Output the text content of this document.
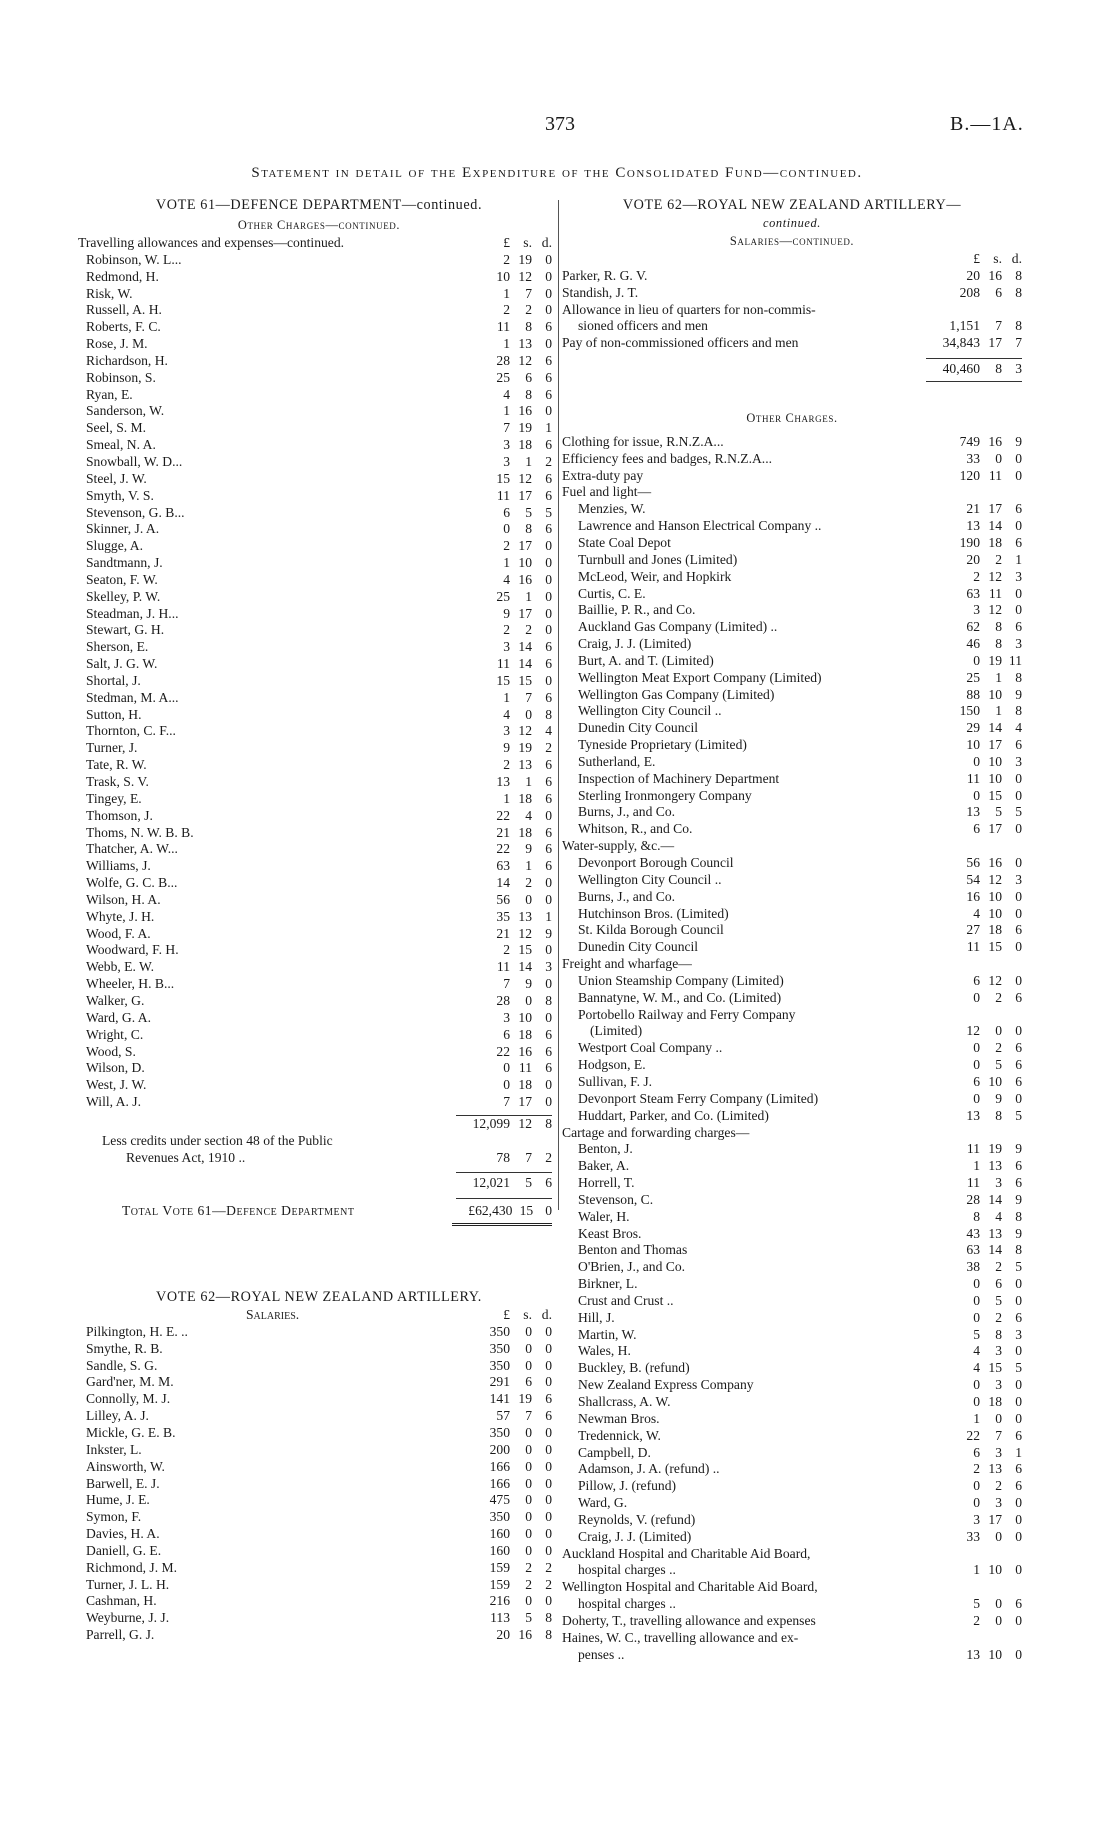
373	B.—1A.
Statement in detail of the Expenditure of the Consolidated Fund—continued.
VOTE 61—DEFENCE DEPARTMENT—continued.
Other Charges—continued.
Travelling allowances and expenses—continued.	£ s. d.
Robinson, W. L...	2 19 0
Redmond, H.	10 12 0
Risk, W.	1	7 0
Russell, A. H.	2	2 0
Roberts, F. C.	11	8 6
Rose, J. M.	1 13 0
Richardson, H.	28 12 6
Robinson, S.	25	6 6
Ryan, E.	4	8 6
Sanderson, W.	1 16 0
Seel, S. M.	7 19 1
Smeal, N. A.	3 18 6
Snowball, W. D...	3	1 2
Steel, J. W.	15 12 6
Smyth, V. S.	11 17 6
Stevenson, G. B...	6	5 5
Skinner, J. A.	0	8 6
Slugge, A.	2 17 0
Sandtmann, J.	1 10 0
Seaton, F. W.	4 16 0
Skelley, P. W.	25	1 0
Steadman, J. H...	9 17 0
Stewart, G. H.	2	2 0
Sherson, E.	3 14 6
Salt, J. G. W.	11 14 6
Shortal, J.	15 15 0
Stedman, M. A...	1	7 6
Sutton, H.	4	0 8
Thornton, C. F...	3 12 4
Turner, J.	9 19 2
Tate, R. W.	2 13 6
Trask, S. V.	13	1 6
Tingey, E.	1 18 6
Thomson, J.	22	4 0
Thoms, N. W. B. B.	21 18 6
Thatcher, A. W...	22	9 6
Williams, J.	63	1 6
Wolfe, G. C. B...	14	2 0
Wilson, H. A.	56	0 0
Whyte, J. H.	35 13 1
Wood, F. A.	21 12 9
Woodward, F. H.	2 15 0
Webb, E. W.	11 14 3
Wheeler, H. B...	7	9 0
Walker, G.	28	0 8
Ward, G. A.	3 10 0
Wright, C.	6 18 6
Wood, S.	22 16 6
Wilson, D.	0 11 6
West, J. W.	0 18 0
Will, A. J.	7 17 0
12,099 12 8
Less credits under section 48 of the Public
Revenues Act, 1910 ..	78	7 2
12,021	5 6
Total Vote 61—Defence Department	£62,430 15 0
VOTE 62—ROYAL NEW ZEALAND ARTILLERY.
Salaries.	£ s. d.
Pilkington, H. E. ..	350	0 0
Smythe, R. B.	350	0 0
Sandle, S. G.	350	0 0
Gard'ner, M. M.	291	6 0
Connolly, M. J.	141 19 6
Lilley, A. J.	57	7 6
Mickle, G. E. B.	350	0 0
Inkster, L.	200	0 0
Ainsworth, W.	166	0 0
Barwell, E. J.	166	0 0
Hume, J. E.	475	0 0
Symon, F.	350	0 0
Davies, H. A.	160	0 0
Daniell, G. E.	160	0 0
Richmond, J. M.	159	2 2
Turner, J. L. H.	159	2 2
Cashman, H.	216	0 0
Weyburne, J. J.	113	5 8
Parrell, G. J.	20 16 8
VOTE 62—ROYAL NEW ZEALAND ARTILLERY—
continued.
Salaries—continued.
£ s. d.
Parker, R. G. V.	20 16 8
Standish, J. T.	208	6 8
Allowance in lieu of quarters for non-commis-
sioned officers and men	1,151	7 8
Pay of non-commissioned officers and men	34,843 17 7
40,460	8 3
Other Charges.
Clothing for issue, R.N.Z.A...	749 16 9
Efficiency fees and badges, R.N.Z.A...	33	0 0
Extra-duty pay	120 11 0
Fuel and light—
Menzies, W.	21 17 6
Lawrence and Hanson Electrical Company ..	13 14 0
State Coal Depot	190 18 6
Turnbull and Jones (Limited)	20	2 1
McLeod, Weir, and Hopkirk	2 12 3
Curtis, C. E.	63 11 0
Baillie, P. R., and Co.	3 12 0
Auckland Gas Company (Limited) ..	62	8 6
Craig, J. J. (Limited)	46	8 3
Burt, A. and T. (Limited)	0 19 11
Wellington Meat Export Company (Limited)	25	1 8
Wellington Gas Company (Limited)	88 10 9
Wellington City Council ..	150	1 8
Dunedin City Council	29 14 4
Tyneside Proprietary (Limited)	10 17 6
Sutherland, E.	0 10 3
Inspection of Machinery Department	11 10 0
Sterling Ironmongery Company	0 15 0
Burns, J., and Co.	13	5 5
Whitson, R., and Co.	6 17 0
Water-supply, &c.—
Devonport Borough Council	56 16 0
Wellington City Council ..	54 12 3
Burns, J., and Co.	16 10 0
Hutchinson Bros. (Limited)	4 10 0
St. Kilda Borough Council	27 18 6
Dunedin City Council	11 15 0
Freight and wharfage—
Union Steamship Company (Limited)	6 12 0
Bannatyne, W. M., and Co. (Limited)	0	2 6
Portobello Railway and Ferry Company
(Limited)	12	0 0
Westport Coal Company ..	0	2 6
Hodgson, E.	0	5 6
Sullivan, F. J.	6 10 6
Devonport Steam Ferry Company (Limited)	0	9 0
Huddart, Parker, and Co. (Limited)	13	8 5
Cartage and forwarding charges—
Benton, J.	11 19 9
Baker, A.	1 13 6
Horrell, T.	11	3 6
Stevenson, C.	28 14 9
Waler, H.	8	4 8
Keast Bros.	43 13 9
Benton and Thomas	63 14 8
O'Brien, J., and Co.	38	2 5
Birkner, L.	0	6 0
Crust and Crust ..	0	5 0
Hill, J.	0	2 6
Martin, W.	5	8 3
Wales, H.	4	3 0
Buckley, B. (refund)	4 15 5
New Zealand Express Company	0	3 0
Shallcrass, A. W.	0 18 0
Newman Bros.	1	0 0
Tredennick, W.	22	7 6
Campbell, D.	6	3 1
Adamson, J. A. (refund) ..	2 13 6
Pillow, J. (refund)	0	2 6
Ward, G.	0	3 0
Reynolds, V. (refund)	3 17 0
Craig, J. J. (Limited)	33	0 0
Auckland Hospital and Charitable Aid Board,
hospital charges ..	1 10 0
Wellington Hospital and Charitable Aid Board,
hospital charges ..	5	0 6
Doherty, T., travelling allowance and expenses	2	0 0
Haines, W. C., travelling allowance and ex-
penses ..	13 10 0
